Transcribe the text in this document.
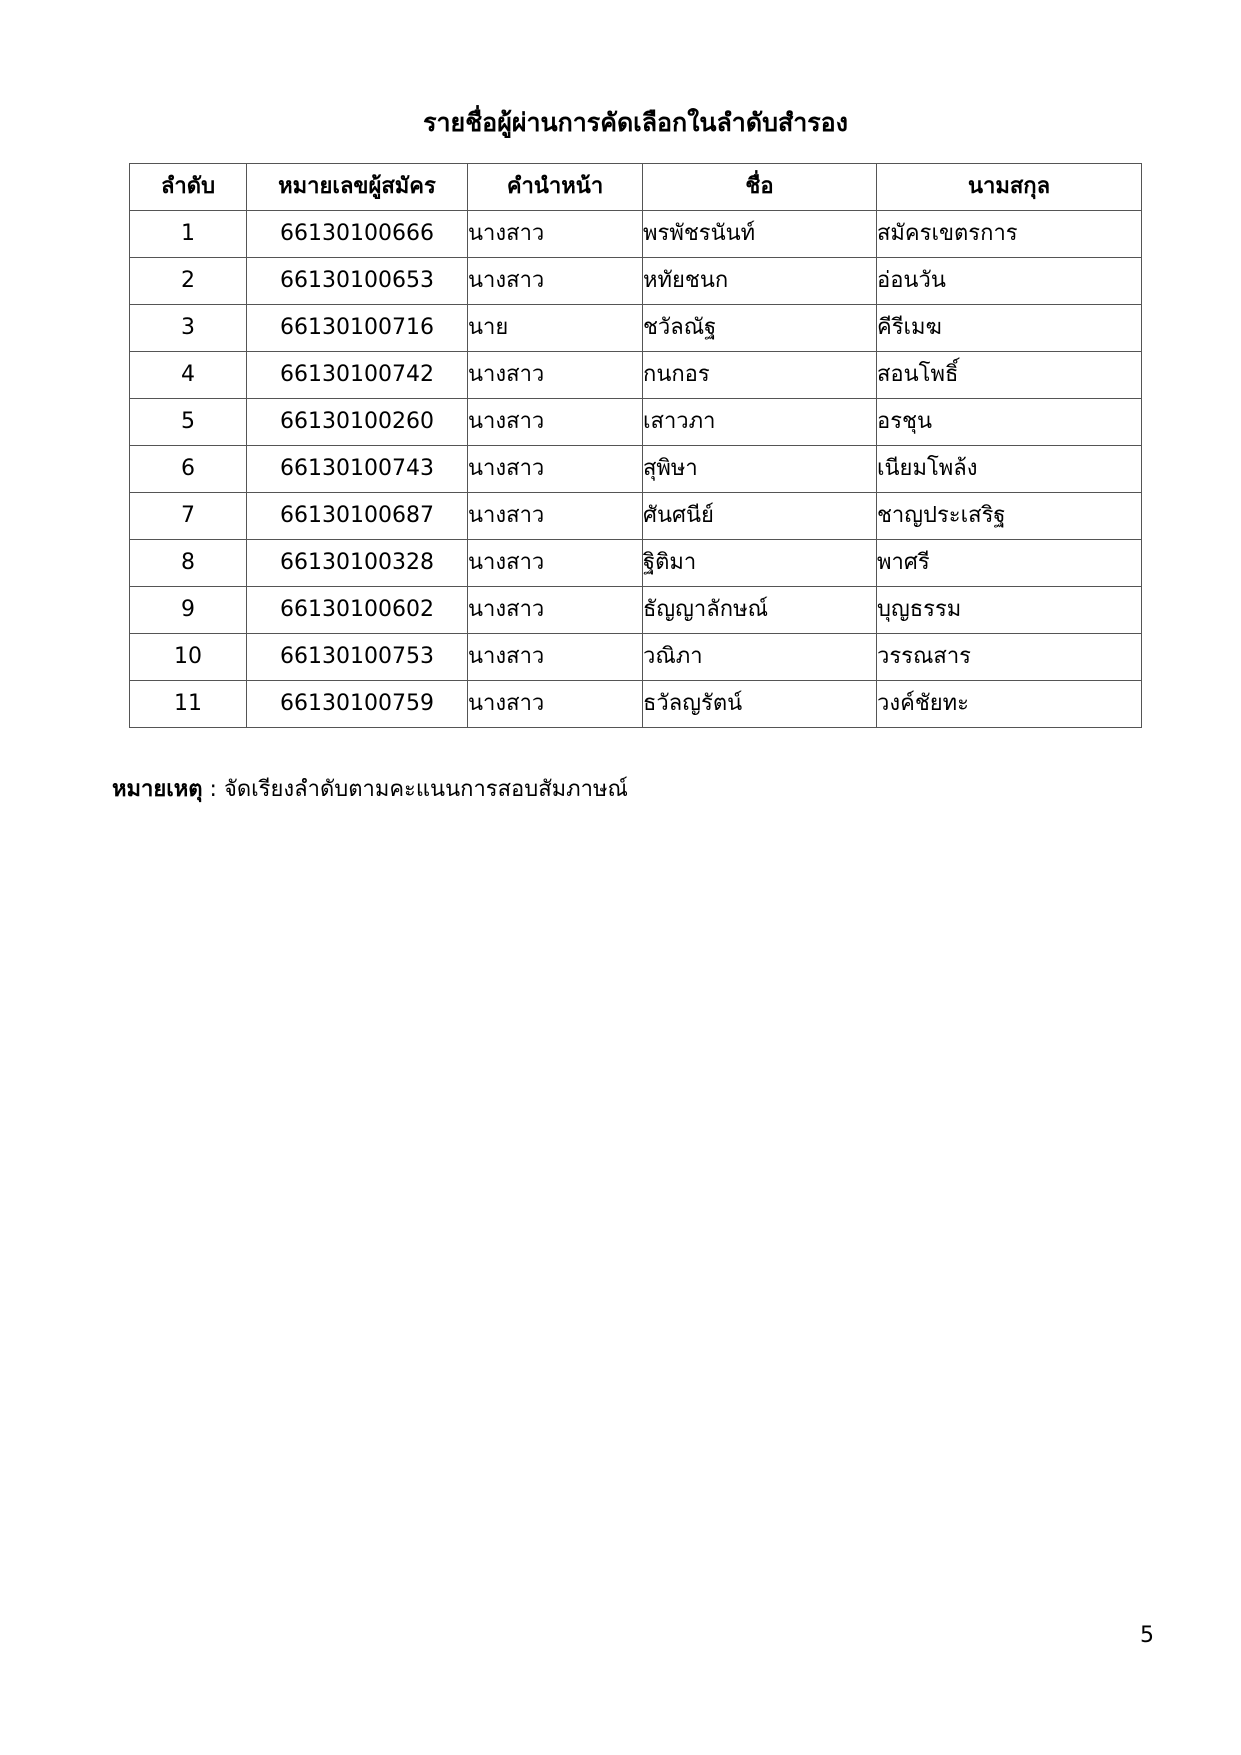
รายชื่อผู้ผ่านการคัดเลือกในลำดับสำรอง
ลำดับ	หมายเลขผู้สมัคร	คำนำหน้า	ชื่อ	นามสกุล
1	66130100666	นางสาว	พรพัชรนันท์	สมัครเขตรการ
2	66130100653	นางสาว	หทัยชนก	อ่อนวัน
3	66130100716	นาย	ชวัลณัฐ	คีรีเมฆ
4	66130100742	นางสาว	กนกอร	สอนโพธิ์
5	66130100260	นางสาว	เสาวภา	อรชุน
6	66130100743	นางสาว	สุพิษา	เนียมโพล้ง
7	66130100687	นางสาว	ศันศนีย์	ชาญประเสริฐ
8	66130100328	นางสาว	ฐิติมา	พาศรี
9	66130100602	นางสาว	ธัญญาลักษณ์	บุญธรรม
10	66130100753	นางสาว	วณิภา	วรรณสาร
11	66130100759	นางสาว	ธวัลญรัตน์	วงค์ชัยทะ
หมายเหตุ : จัดเรียงลำดับตามคะแนนการสอบสัมภาษณ์
5
